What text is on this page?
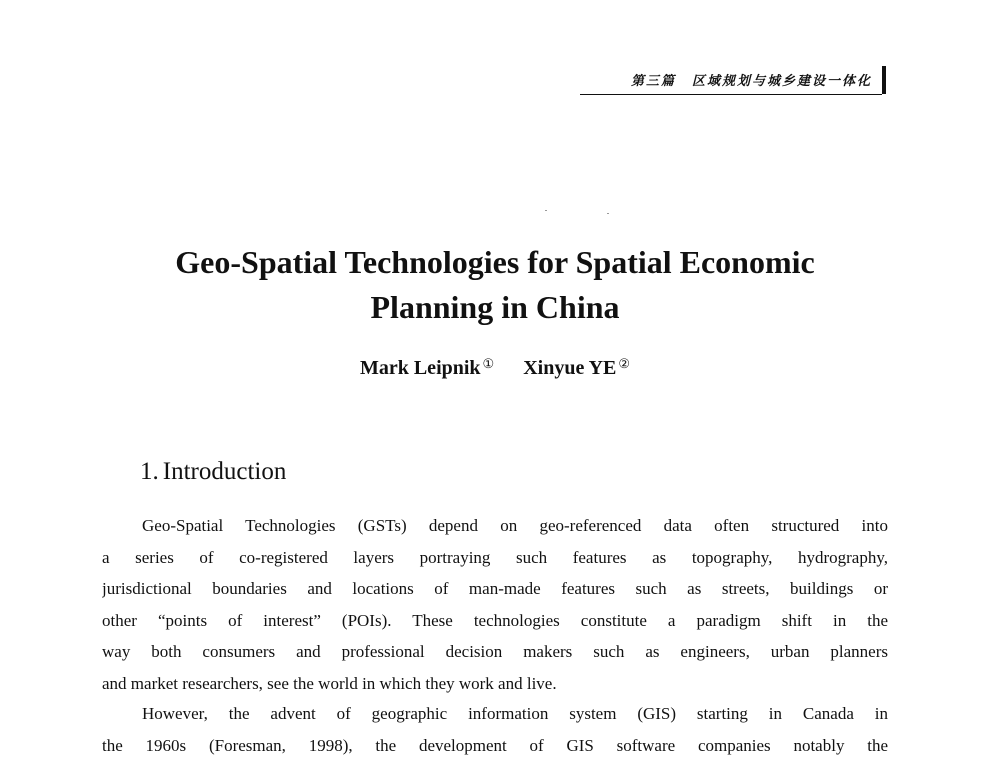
第三篇 区域规划与城乡建设一体化
Geo-Spatial Technologies for Spatial Economic
Planning in China
Mark Leipnik ① Xinyue YE ②
1. Introduction
Geo-Spatial Technologies (GSTs) depend on geo-referenced data often structured into
a series of co-registered layers portraying such features as topography, hydrography,
jurisdictional boundaries and locations of man-made features such as streets, buildings or
other “points of interest” (POIs). These technologies constitute a paradigm shift in the
way both consumers and professional decision makers such as engineers, urban planners
and market researchers, see the world in which they work and live.
However, the advent of geographic information system (GIS) starting in Canada in
the 1960s (Foresman, 1998), the development of GIS software companies notably the
